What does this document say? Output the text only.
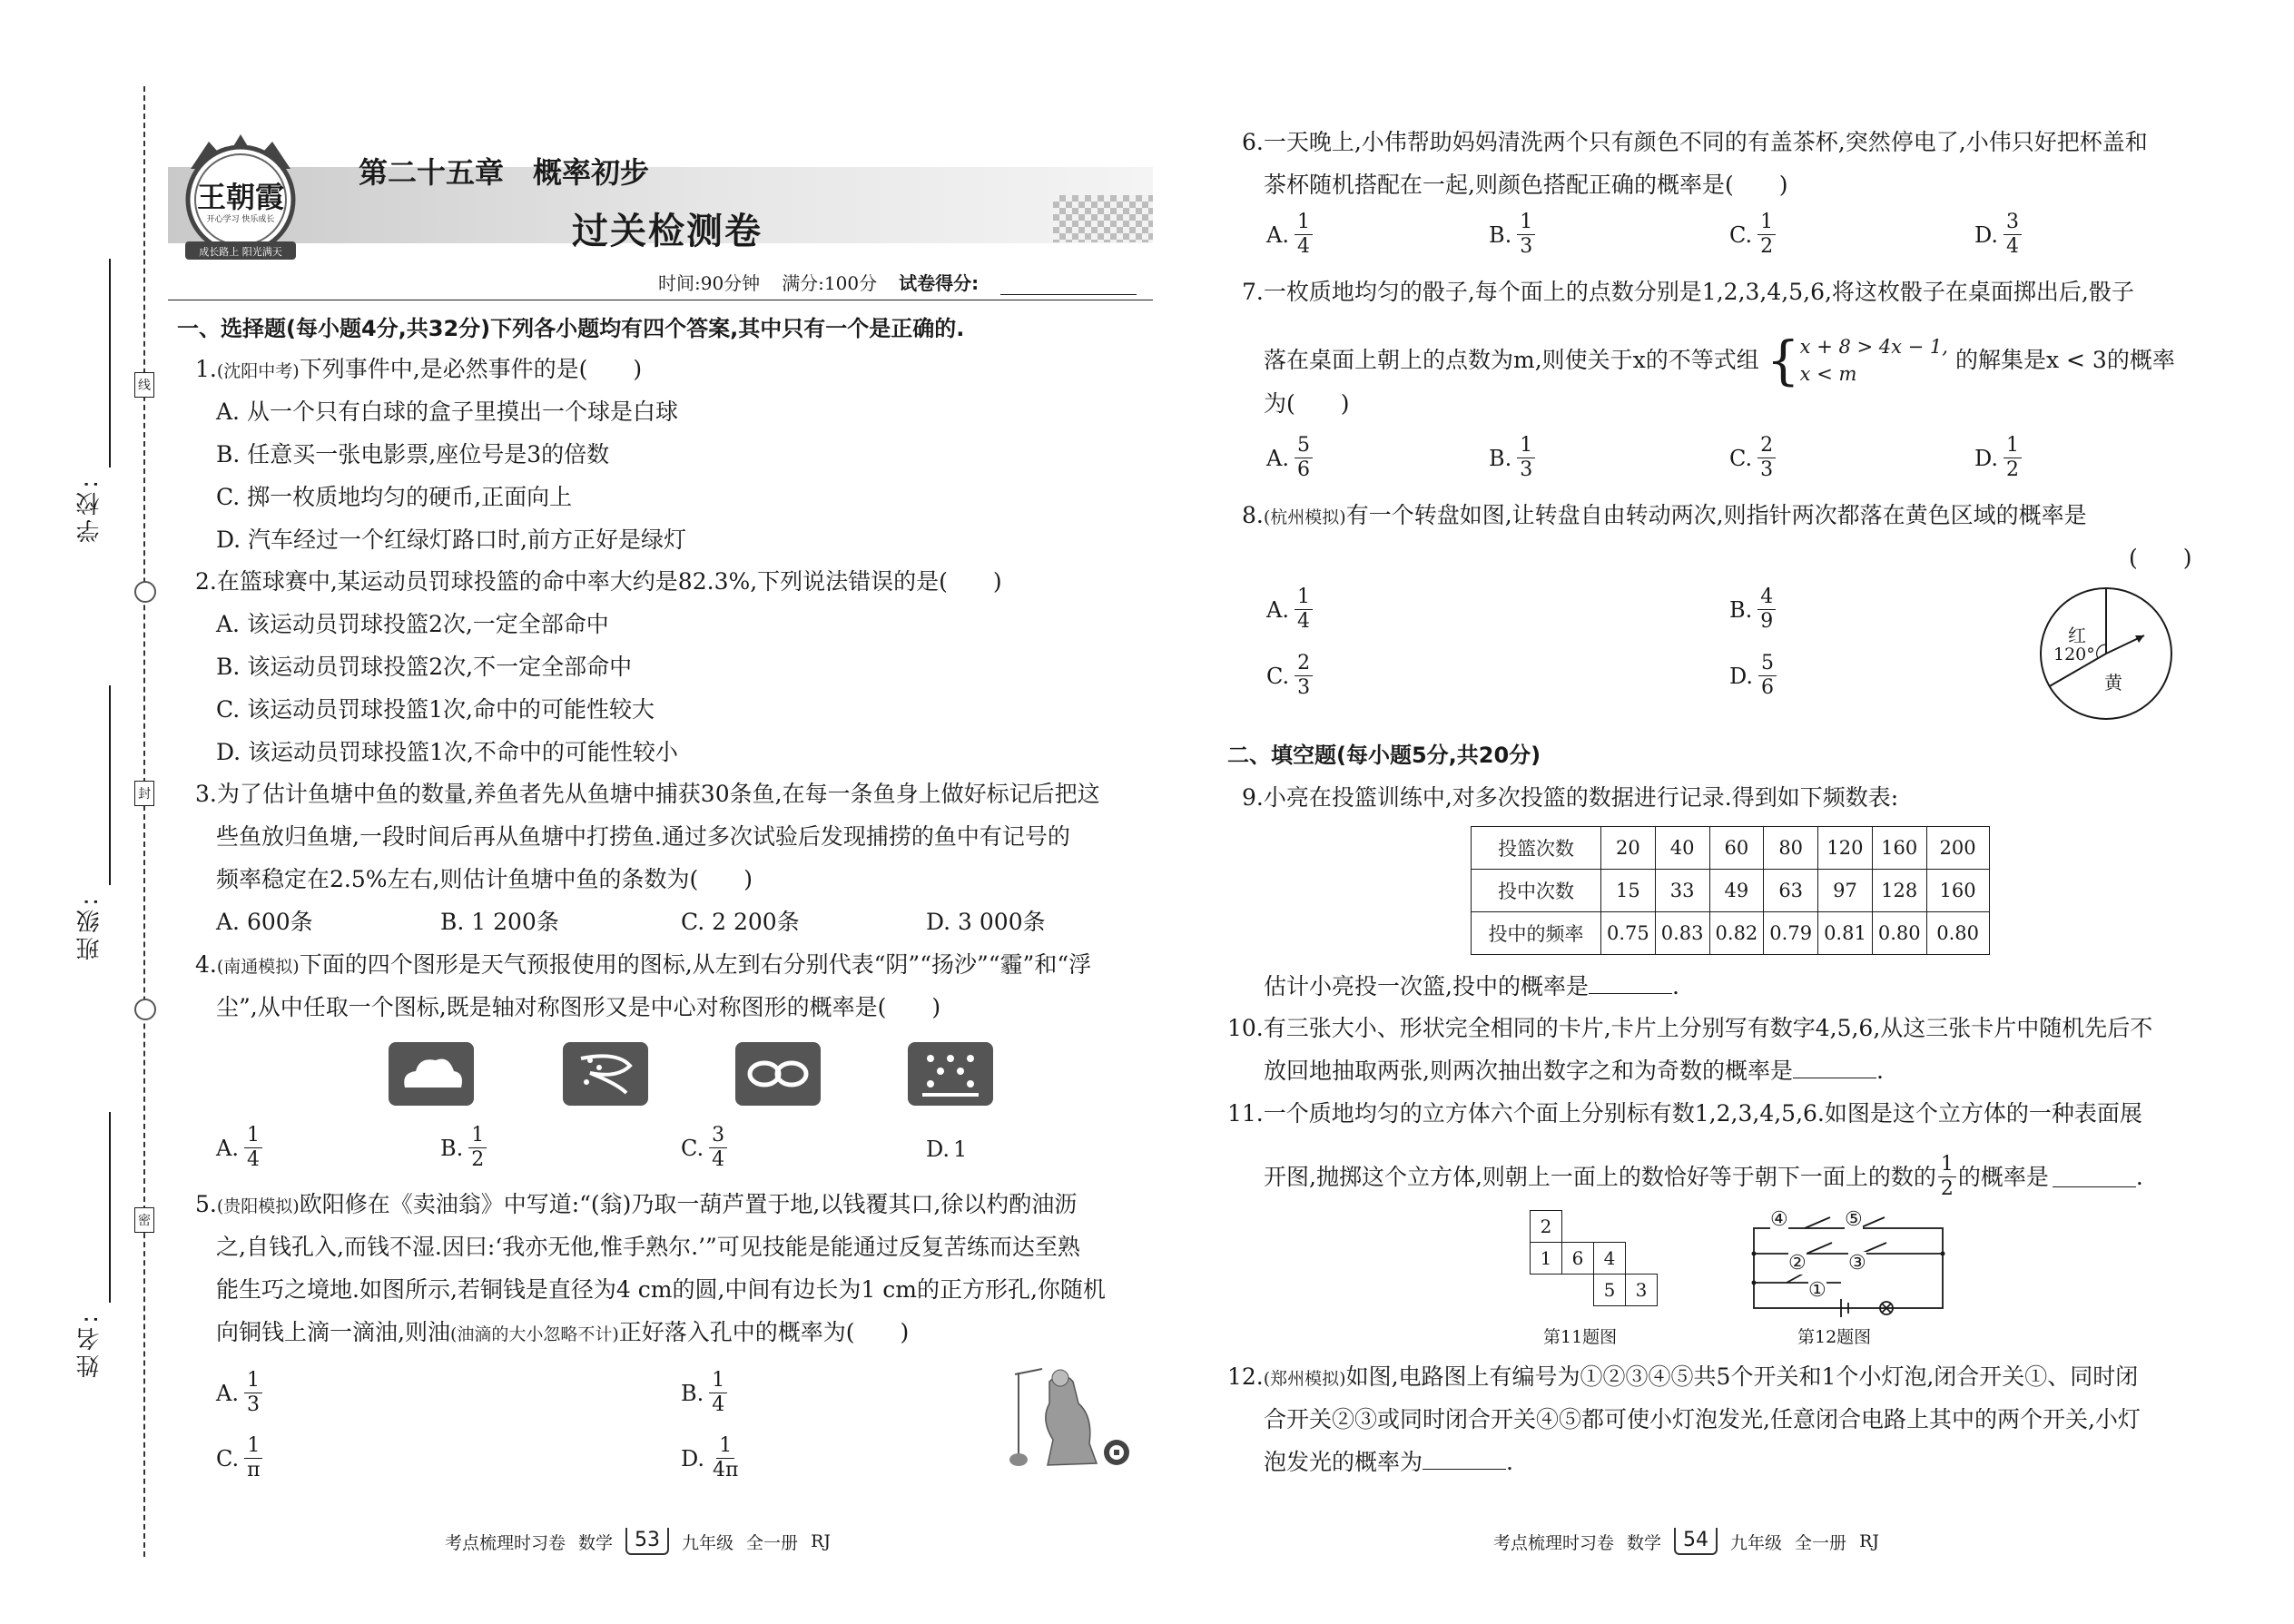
线
封
密
学校:
班级:
姓名:
王朝霞
开心学习 快乐成长
成长路上 阳光满天
第二十五章　概率初步
过关检测卷
时间:90分钟 满分:100分 试卷得分:
一、选择题(每小题4分,共32分)下列各小题均有四个答案,其中只有一个是正确的.
1.(沈阳中考)下列事件中,是必然事件的是(　　)
A. 从一个只有白球的盒子里摸出一个球是白球
B. 任意买一张电影票,座位号是3的倍数
C. 掷一枚质地均匀的硬币,正面向上
D. 汽车经过一个红绿灯路口时,前方正好是绿灯
2.在篮球赛中,某运动员罚球投篮的命中率大约是82.3%,下列说法错误的是(　　)
A. 该运动员罚球投篮2次,一定全部命中
B. 该运动员罚球投篮2次,不一定全部命中
C. 该运动员罚球投篮1次,命中的可能性较大
D. 该运动员罚球投篮1次,不命中的可能性较小
3.为了估计鱼塘中鱼的数量,养鱼者先从鱼塘中捕获30条鱼,在每一条鱼身上做好标记后把这
些鱼放归鱼塘,一段时间后再从鱼塘中打捞鱼.通过多次试验后发现捕捞的鱼中有记号的
频率稳定在2.5%左右,则估计鱼塘中鱼的条数为(　　)
A. 600条	B. 1 200条	C. 2 200条	D. 3 000条
4.(南通模拟)下面的四个图形是天气预报使用的图标,从左到右分别代表“阴”“扬沙”“霾”和“浮
尘”,从中任取一个图标,既是轴对称图形又是中心对称图形的概率是(　　)
A. $\frac{1}{4}$	B. $\frac{1}{2}$	C. $\frac{3}{4}$	D. 1
5.(贵阳模拟)欧阳修在《卖油翁》中写道:“(翁)乃取一葫芦置于地,以钱覆其口,徐以杓酌油沥
之,自钱孔入,而钱不湿.因曰:‘我亦无他,惟手熟尔.’”可见技能是能通过反复苦练而达至熟
能生巧之境地.如图所示,若铜钱是直径为4 cm的圆,中间有边长为1 cm的正方形孔,你随机
向铜钱上滴一滴油,则油(油滴的大小忽略不计)正好落入孔中的概率为(　　)
A. $\frac{1}{3}$	B. $\frac{1}{4}$
C. $\frac{1}{\pi}$	D. $\frac{1}{4\pi}$
考点梳理时习卷 数学	53	九年级 全一册 RJ
6.一天晚上,小伟帮助妈妈清洗两个只有颜色不同的有盖茶杯,突然停电了,小伟只好把杯盖和
茶杯随机搭配在一起,则颜色搭配正确的概率是(　　)
A. $\frac{1}{4}$	B. $\frac{1}{3}$	C. $\frac{1}{2}$	D. $\frac{3}{4}$
7.一枚质地均匀的骰子,每个面上的点数分别是1,2,3,4,5,6,将这枚骰子在桌面掷出后,骰子
落在桌面上朝上的点数为m,则使关于x的不等式组 { x + 8 > 4x − 1,
x < m
的解集是x < 3的概率
为(　　)
A. $\frac{5}{6}$	B. $\frac{1}{3}$	C. $\frac{2}{3}$	D. $\frac{1}{2}$
8.(杭州模拟)有一个转盘如图,让转盘自由转动两次,则指针两次都落在黄色区域的概率是
(　　)
A. $\frac{1}{4}$	B. $\frac{4}{9}$
C. $\frac{2}{3}$	D. $\frac{5}{6}$
红
120°
黄
二、填空题(每小题5分,共20分)
9.小亮在投篮训练中,对多次投篮的数据进行记录.得到如下频数表:
投篮次数	20	40	60	80	120	160	200
投中次数	15	33	49	63	97	128	160
投中的频率	0.75	0.83	0.82	0.79	0.81	0.80	0.80
估计小亮投一次篮,投中的概率是	.
10.有三张大小、形状完全相同的卡片,卡片上分别写有数字4,5,6,从这三张卡片中随机先后不
放回地抽取两张,则两次抽出数字之和为奇数的概率是	.
11.一个质地均匀的立方体六个面上分别标有数1,2,3,4,5,6.如图是这个立方体的一种表面展
开图,抛掷这个立方体,则朝上一面上的数恰好等于朝下一面上的数的 $\frac{1}{2}$ 的概率是	.
2
1	6	4
5	3
第11题图
④	⑤
② ③
①
第12题图
12.(郑州模拟)如图,电路图上有编号为①②③④⑤共5个开关和1个小灯泡,闭合开关①、同时闭
合开关②③或同时闭合开关④⑤都可使小灯泡发光,任意闭合电路上其中的两个开关,小灯
泡发光的概率为	.
考点梳理时习卷 数学	54	九年级 全一册 RJ
